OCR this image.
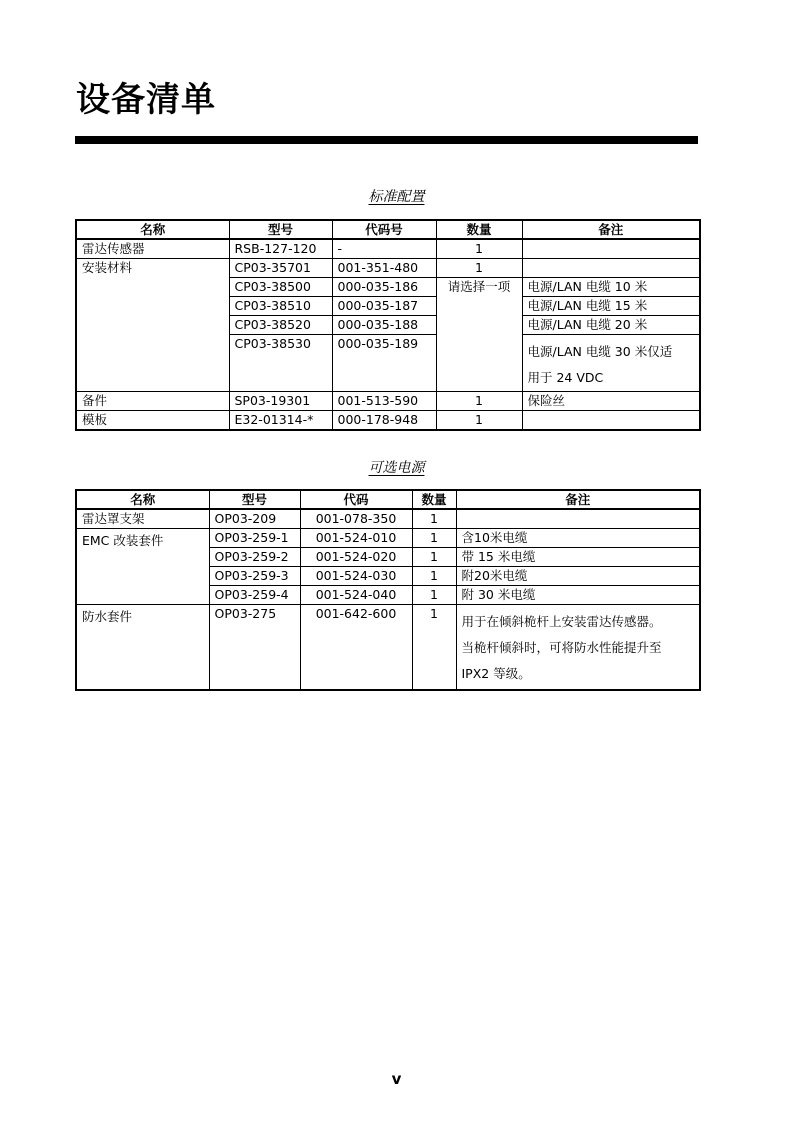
设备清单
标准配置
名称	型号	代码号	数量	备注
雷达传感器	RSB-127-120	-	1	
安装材料	CP03-35701	001-351-480	1	
	CP03-38500	000-035-186	请选择一项	电源/LAN 电缆 10 米
	CP03-38510	000-035-187		电源/LAN 电缆 15 米
	CP03-38520	000-035-188		电源/LAN 电缆 20 米
	CP03-38530	000-035-189		电源/LAN 电缆 30 米仅适
用于 24 VDC

备件	SP03-19301	001-513-590	1	保险丝
模板	E32-01314-*	000-178-948	1	
可选电源
名称	型号	代码	数量	备注
雷达罩支架	OP03-209	001-078-350	1	
EMC 改装套件	OP03-259-1	001-524-010	1	含10米电缆
	OP03-259-2	001-524-020	1	带 15 米电缆
	OP03-259-3	001-524-030	1	附20米电缆
	OP03-259-4	001-524-040	1	附 30 米电缆
防水套件	OP03-275	001-642-600	1	用于在倾斜桅杆上安装雷达传感器。
当桅杆倾斜时，可将防水性能提升至
IPX2 等级。

v
